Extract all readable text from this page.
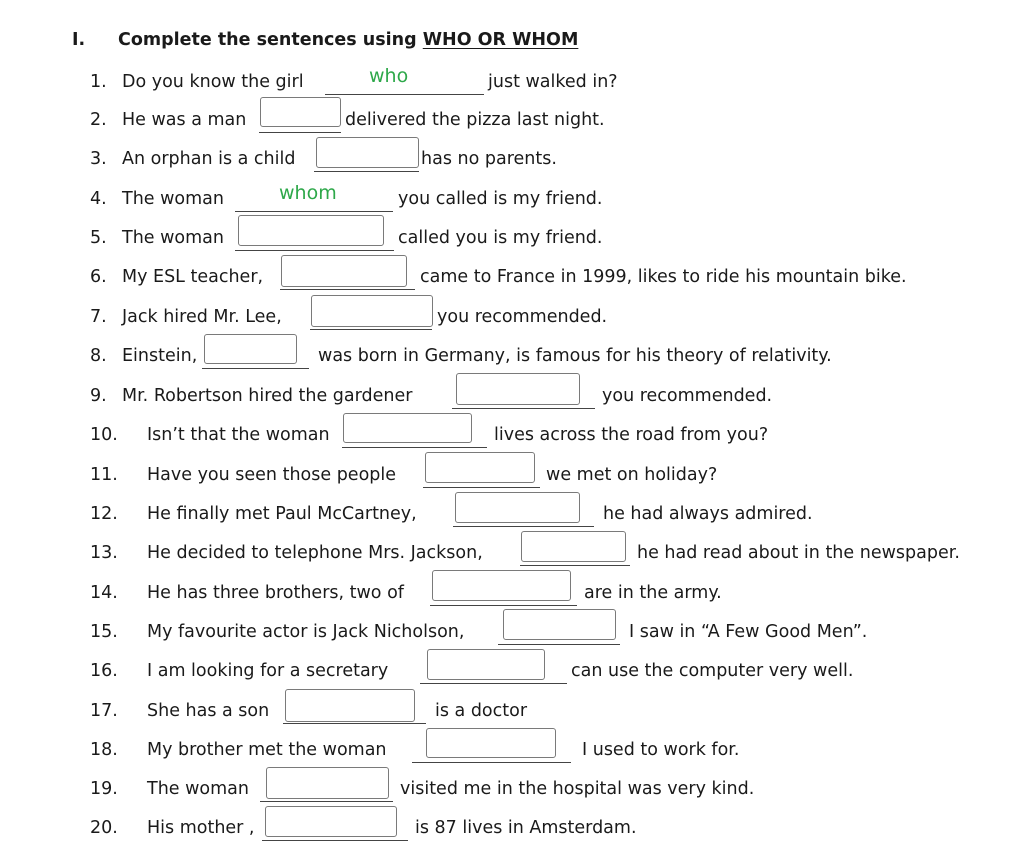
I. Complete the sentences using WHO OR WHOM
1. Do you know the girl	who	just walked in?
2. He was a man	delivered the pizza last night.
3. An orphan is a child	has no parents.
4. The woman	whom	you called is my friend.
5. The woman	called you is my friend.
6. My ESL teacher,	came to France in 1999, likes to ride his mountain bike.
7. Jack hired Mr. Lee,	you recommended.
8. Einstein,	was born in Germany, is famous for his theory of relativity.
9. Mr. Robertson hired the gardener	you recommended.
10. Isn’t that the woman	lives across the road from you?
11. Have you seen those people	we met on holiday?
12. He finally met Paul McCartney,	he had always admired.
13. He decided to telephone Mrs. Jackson,	he had read about in the newspaper.
14. He has three brothers, two of	are in the army.
15. My favourite actor is Jack Nicholson,	I saw in “A Few Good Men”.
16. I am looking for a secretary	can use the computer very well.
17. She has a son	is a doctor
18. My brother met the woman	I used to work for.
19. The woman	visited me in the hospital was very kind.
20. His mother ,	is 87 lives in Amsterdam.
